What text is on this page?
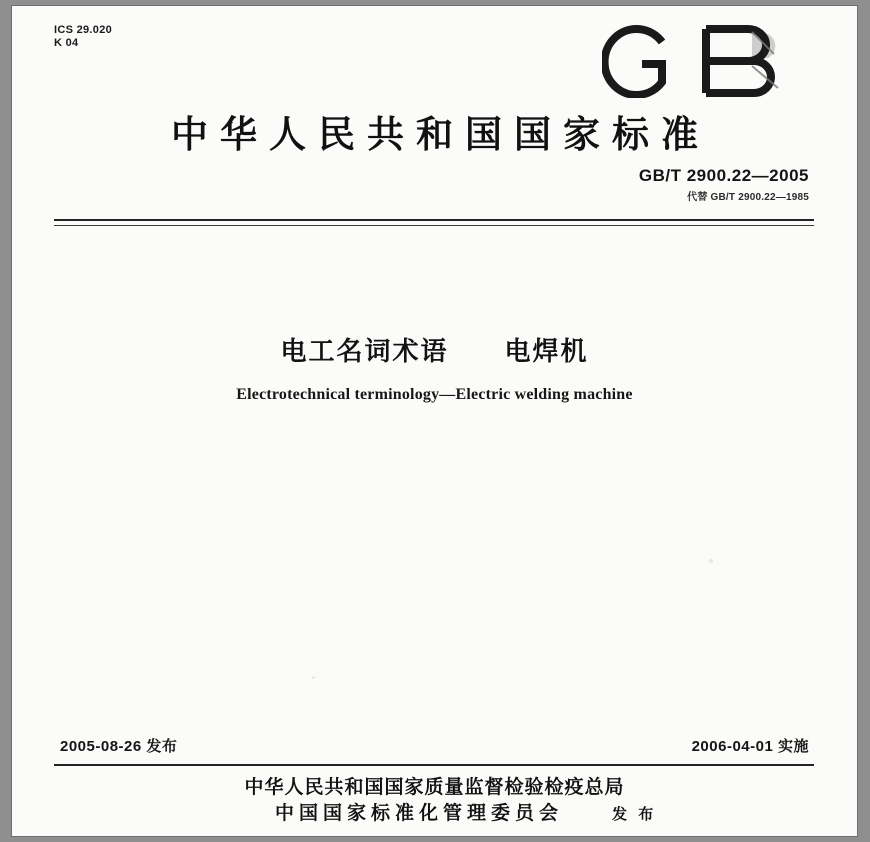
ICS 29.020
K 04
中华人民共和国国家标准
GB/T 2900.22—2005
代替 GB/T 2900.22—1985
电工名词术语　　电焊机
Electrotechnical terminology—Electric welding machine
2005-08-26 发布	2006-04-01 实施
中华人民共和国国家质量监督检验检疫总局
中国国家标准化管理委员会	发 布
